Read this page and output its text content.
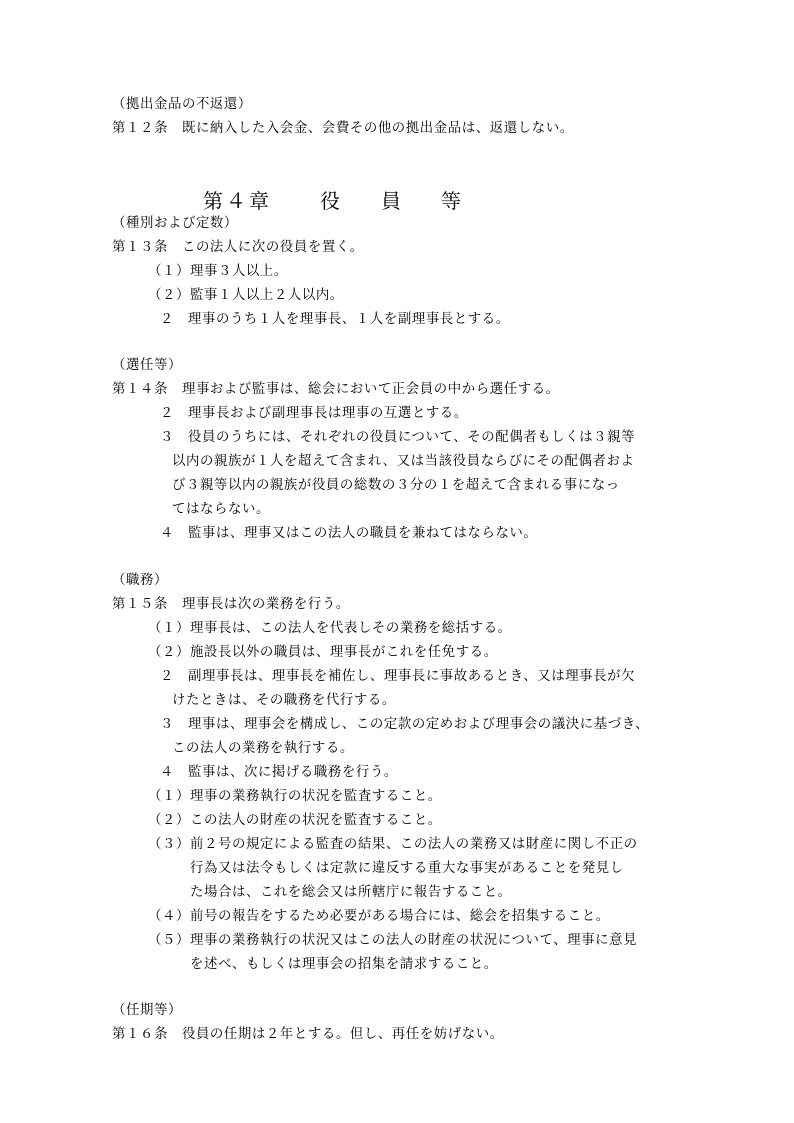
（拠出金品の不返還）
第１２条　既に納入した入会金、会費その他の拠出金品は、返還しない。
第４章 役 員 等
（種別および定数）
第１３条　この法人に次の役員を置く。
（１）理事３人以上。
（２）監事１人以上２人以内。
２　理事のうち１人を理事長、１人を副理事長とする。
（選任等）
第１４条　理事および監事は、総会において正会員の中から選任する。
２　理事長および副理事長は理事の互選とする。
３　役員のうちには、それぞれの役員について、その配偶者もしくは３親等
以内の親族が１人を超えて含まれ、又は当該役員ならびにその配偶者およ
び３親等以内の親族が役員の総数の３分の１を超えて含まれる事になっ
てはならない。
４　監事は、理事又はこの法人の職員を兼ねてはならない。
（職務）
第１５条　理事長は次の業務を行う。
（１）理事長は、この法人を代表しその業務を総括する。
（２）施設長以外の職員は、理事長がこれを任免する。
２　副理事長は、理事長を補佐し、理事長に事故あるとき、又は理事長が欠
けたときは、その職務を代行する。
３　理事は、理事会を構成し、この定款の定めおよび理事会の議決に基づき、
この法人の業務を執行する。
４　監事は、次に掲げる職務を行う。
（１）理事の業務執行の状況を監査すること。
（２）この法人の財産の状況を監査すること。
（３）前２号の規定による監査の結果、この法人の業務又は財産に関し不正の
行為又は法令もしくは定款に違反する重大な事実があることを発見し
た場合は、これを総会又は所轄庁に報告すること。
（４）前号の報告をするため必要がある場合には、総会を招集すること。
（５）理事の業務執行の状況又はこの法人の財産の状況について、理事に意見
を述べ、もしくは理事会の招集を請求すること。
（任期等）
第１６条　役員の任期は２年とする。但し、再任を妨げない。
